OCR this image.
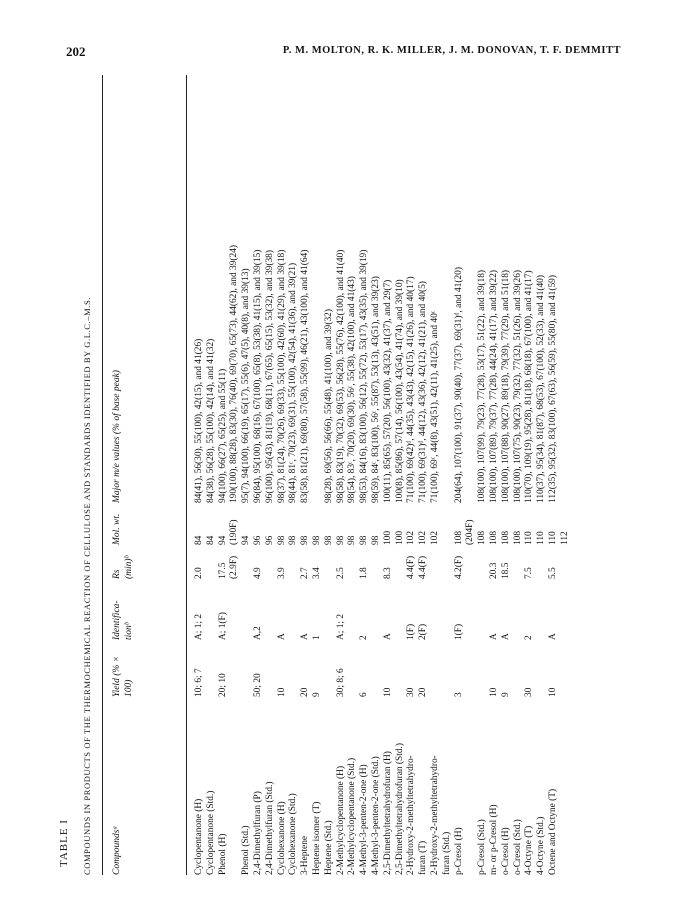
202	P. M. MOLTON, R. K. MILLER, J. M. DONOVAN, T. F. DEMMITT
TABLE I COMPOUNDS IN PRODUCTS OF THE THERMOCHEMICAL REACTION OF CELLULOSE AND STANDARDS IDENTIFIED BY G.L.C.–M.S. Compoundsᵃ
Yield (% × 100)
Identifica-tionᵇ
Rs (min)ᵇ
Mol. wt.
Major m/e values (% of base peak)
Cyclopentanone (H)
10; 6; 7
A; 1; 2
2.0
84
84(41), 56(30), 55(100), 42(15), and 41(26)
Cyclopentanone (Std.)
84
84(38), 56(28), 55(100), 42(14), and 41(32)
Phenol (H)
20; 10
A; 1(F)
17.5
94
94(100), 66(27), 65(25), and 55(11)
(2.9F)
(190F)
190(100), 88(28), 83(30), 76(40), 69(70), 65(73), 44(62), and 39(24)
Phenol (Std.)
94
95(7), 94(100), 66(19), 65(17), 55(6), 47(5), 40(8), and 39(13)
2,4-Dimethylfuran (P)
50; 20
A,2
4.9
96
96(84), 95(100), 68(16), 67(100), 65(8), 53(38), 41(15), and 39(15)
2,4-Dimethylfuran (Std.)
96
96(100), 95(43), 81(19), 68(11), 67(65), 65(15), 53(32), and 39(38)
Cyclohexanone (H)
10
A
3.9
98
98(37), 81(24), 70(26), 69(33), 55(100), 42(60), 41(29), and 39(18)
Cyclohexanone (Std.)
98
98(44), 81ᶜ, 70(23), 69(31), 55(100), 42(54), 41(36), and 39(21)
3-Heptene
20
A
2.7
98
83(58), 81(21), 69(80), 57(58), 55(99), 46(21), 43(100), and 41(64)
Heptene isomer (T)
9
1
3.4
98
Heptene (Std.)
98
98(28), 69(56), 56(66), 55(48), 41(100), and 39(32)
2-Methylcyclopentanone (H)
30; 8; 6
A; 1; 2
2.5
98
98(58), 83(19), 70(32), 69(53), 56(28), 55(76), 42(100), and 41(40)
2-Methylcyclopentanone (Std.)
98
98(54), 83ᶜ, 70(20), 69(30), 56ᶜ, 55(38), 42(100), and 41(43)
4-Methyl-3-penten-2-one (H)
6
2
1.8
98
98(53), 84(16), 83(100), 56(12), 55(72), 53(17), 43(35), and 39(19)
4-Methyl-3-penten-2-one (Std.)
98
98(59), 84ᶜ, 83(100), 56ᶜ, 55(87), 53(13), 43(51), and 39(23)
2,5-Dimethyltetrahydrofuran (H)
10
A
8.3
100
100(11), 85(65), 57(20), 56(100), 43(32), 41(37), and 29(7)
2,5-Dimethyltetrahydrofuran (Std.)
100
100(8), 85(86), 57(14), 56(100), 43(54), 41(74), and 39(10)
2-Hydroxy-2-methyltetrahydro-
30
1(F)
4.4(F)
102
71(100), 69(42)ᵈ, 44(35), 43(43), 42(15), 41(26), and 40(17)
furan (T)
20
2(F)
4.4(F)
102
71(100), 69(31)ᵈ, 44(12), 43(36), 42(12), 41(21), and 40(5)
2-Hydroxy-2-methyltetrahydro-
102
71(100), 69ᶜ, 44(8), 43(51), 42(11), 41(25), and 40ᶜ
furan (Std.) p-Cresol (H)
3
1(F)
4.2(F)
108
204(64), 107(100), 91(37), 90(40), 77(37), 69(31)ᵈ, and 41(20)
(204F)
p-Cresol (Std.)
108
108(100), 107(99), 79(23), 77(28), 53(17), 51(22), and 39(18)
m- or p-Cresol (H)
10
A
20.3
108
108(100), 107(89), 79(37), 77(28), 44(24), 41(17), and 39(22)
o-Cresol (H)
9
A
18.5
108
108(100), 107(88), 90(27), 89(18), 79(39), 77(29), and 51(18)
o-Cresol (Std.)
108
108(100), 107(75), 90(23), 79(32), 77(32), 51(26), and 39(26)
4-Octyne (T)
30
2
7.5
110
110(70), 109(19), 95(28), 81(18), 68(18), 67(100), and 41(17)
4-Octyne (Std.)
110
110(37), 95(34), 81(87), 68(53), 67(100), 52(33), and 41(40)
Octene and Octyne (T)
10
A
5.5
110
112(35), 95(32), 83(100), 67(63), 56(59), 55(80), and 41(59)
112
